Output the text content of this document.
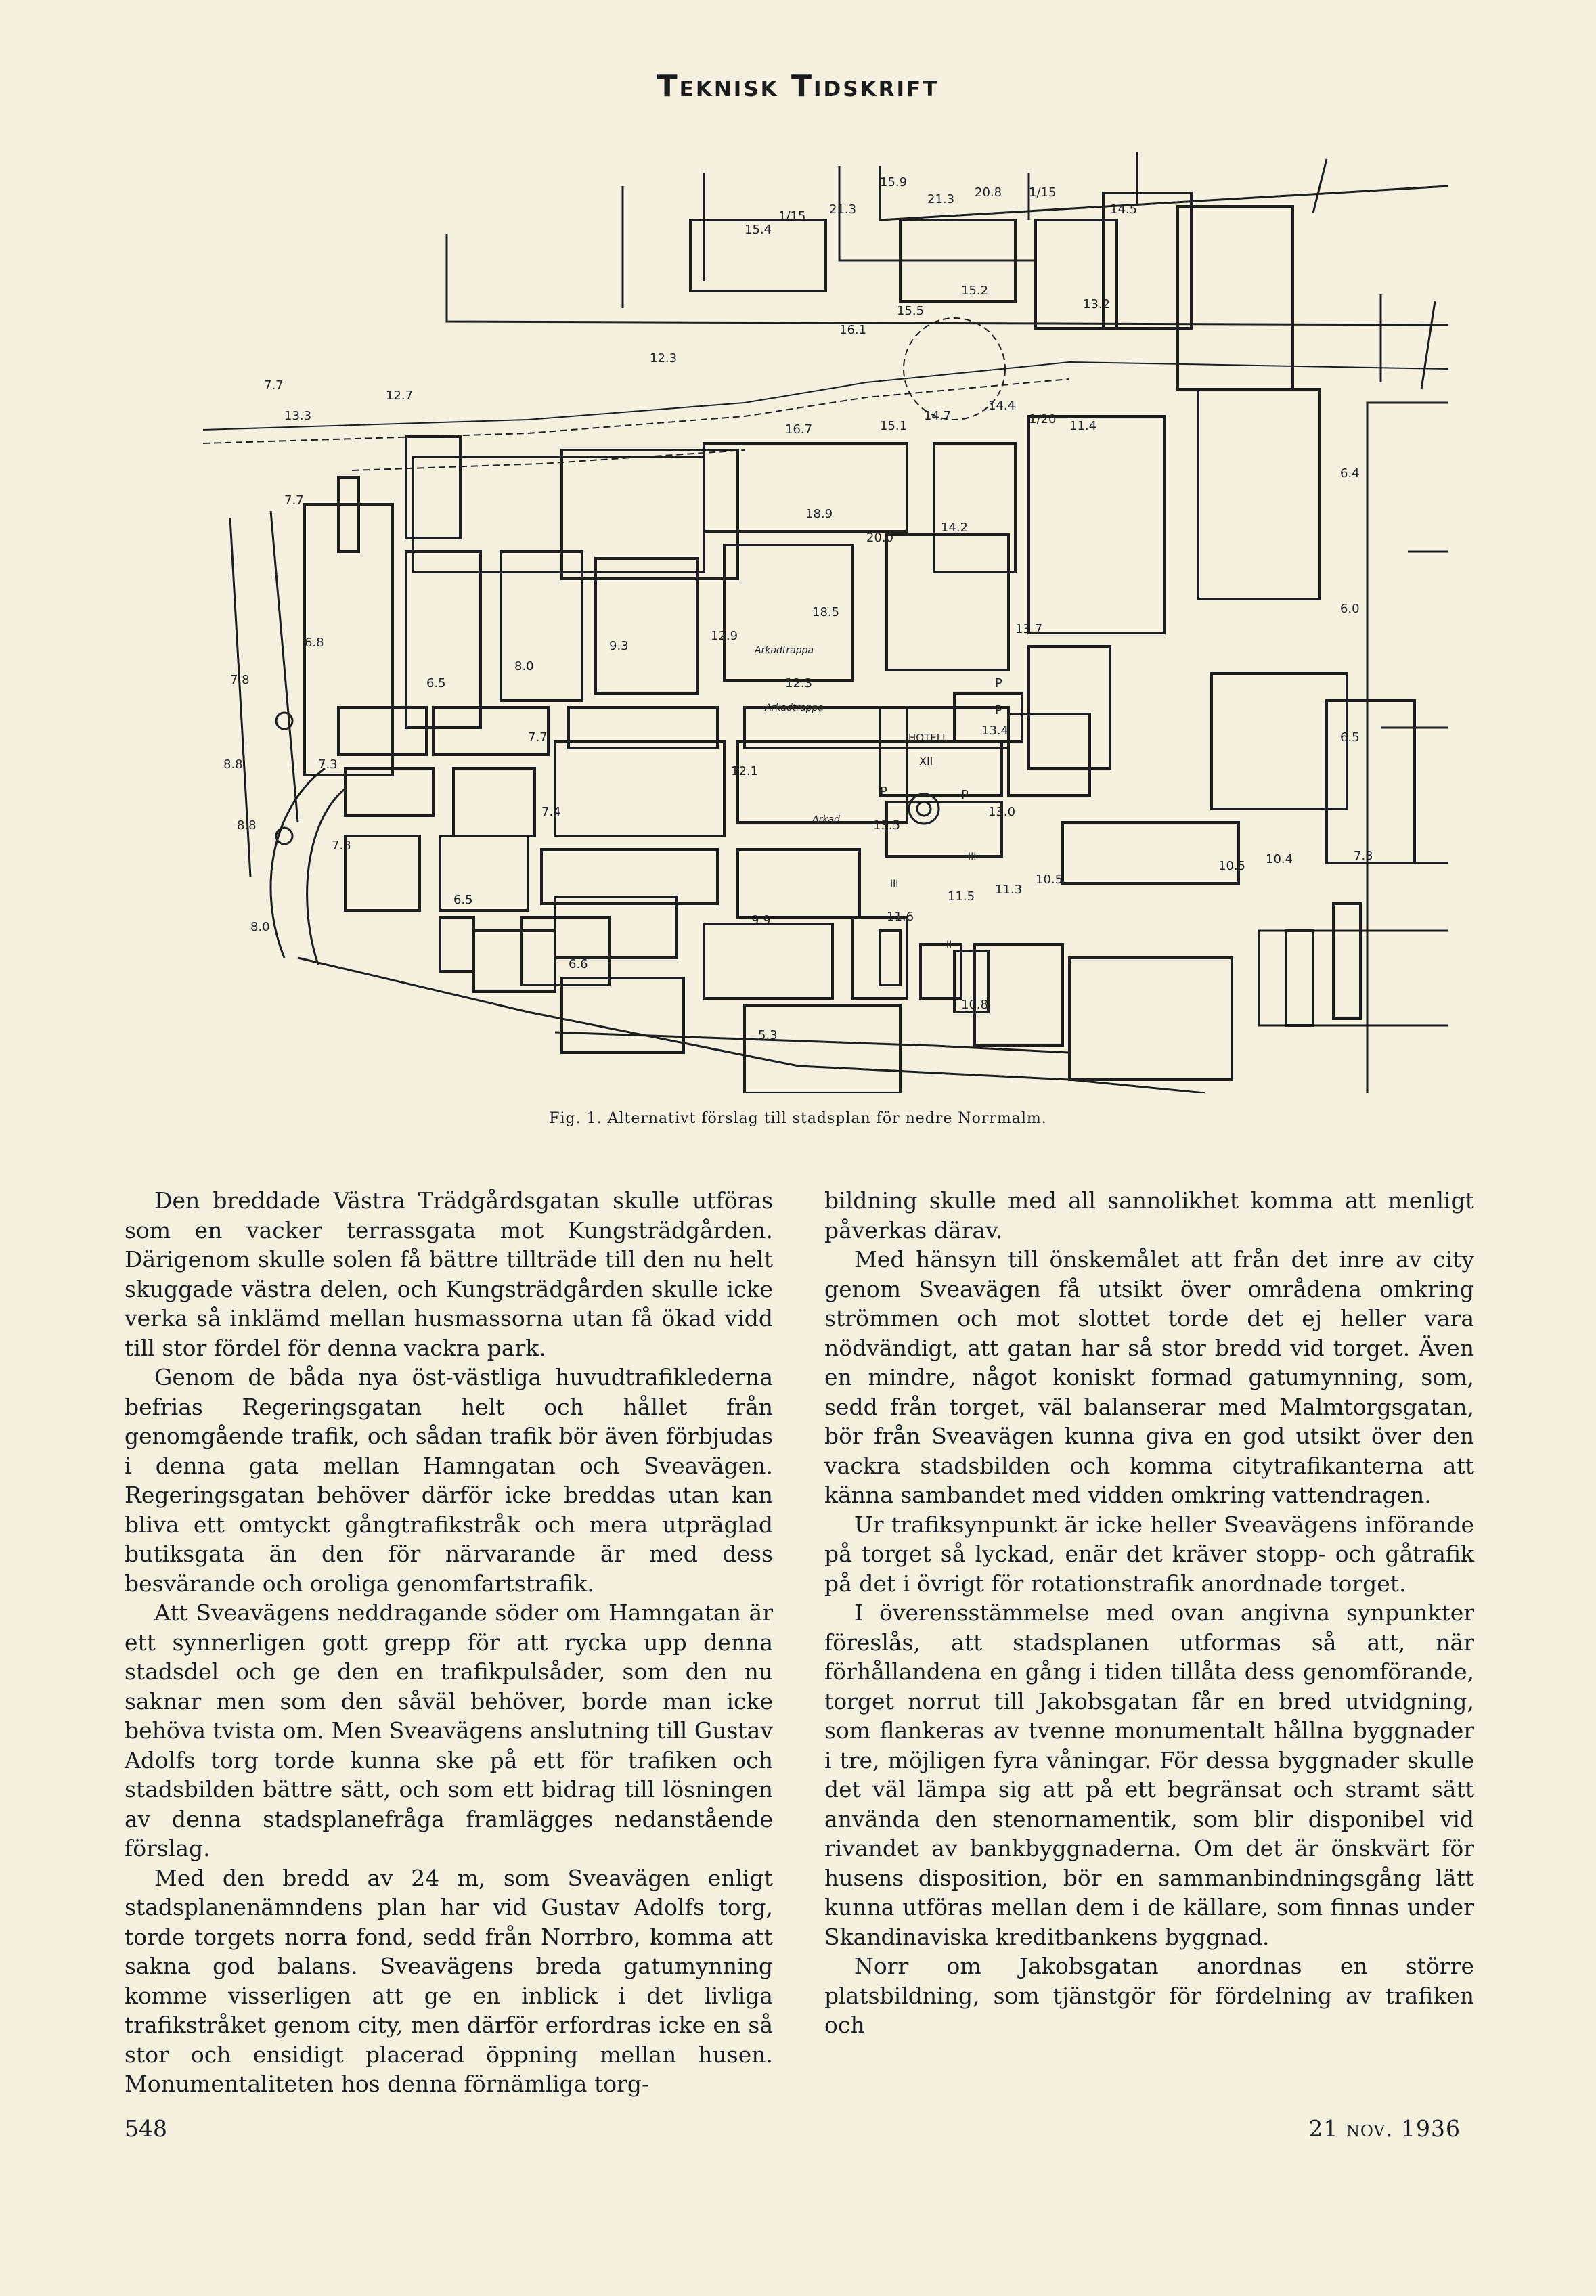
Teknisk Tidskrift
HOTELL
XII
Arkadtrappa
Arkadtrappa
Arkad
P	P
P
P
III
III
II
15.9
21.3 20.8 1/15
14.5
15.4
1/15 21.3
15.2
15.5	13.2
16.1
7.7
12.7
13.3
12.3
16.7	15.1
14.7
14.4
1/20 11.4
6.4
7.7
20.0
14.2
18.9
13.7
6.0
18.5
12.9
9.3
6.8
6.5
8.0
7.8	12.3
13.4	6.5
8.8	7.3
7.7
12.1
7.4
13.5
13.0
8.8
7.8
10.4
10.5
7.3
6.5	11.5 11.3
10.5
11.6
9.9
8.0
6.6
10.8
5.3
Fig. 1. Alternativt förslag till stadsplan för nedre Norrmalm.

Den breddade Västra Trädgårdsgatan skulle utföras som en vacker terrassgata mot Kungsträdgården. Därigenom skulle solen få bättre tillträde till den nu helt skuggade västra delen, och Kungsträdgården skulle icke verka så inklämd mellan husmassorna utan få ökad vidd till stor fördel för denna vackra park.

Genom de båda nya öst-västliga huvudtrafiklederna befrias Regeringsgatan helt och hållet från genomgående trafik, och sådan trafik bör även förbjudas i denna gata mellan Hamngatan och Sveavägen. Regeringsgatan behöver därför icke breddas utan kan bliva ett omtyckt gångtrafikstråk och mera utpräglad butiksgata än den för närvarande är med dess besvärande och oroliga genomfartstrafik.

Att Sveavägens neddragande söder om Hamngatan är ett synnerligen gott grepp för att rycka upp denna stadsdel och ge den en trafikpulsåder, som den nu saknar men som den såväl behöver, borde man icke behöva tvista om. Men Sveavägens anslutning till Gustav Adolfs torg torde kunna ske på ett för trafiken och stadsbilden bättre sätt, och som ett bidrag till lösningen av denna stadsplanefråga framlägges nedanstående förslag.

Med den bredd av 24 m, som Sveavägen enligt stadsplanenämndens plan har vid Gustav Adolfs torg, torde torgets norra fond, sedd från Norrbro, komma att sakna god balans. Sveavägens breda gatumynning komme visserligen att ge en inblick i det livliga trafikstråket genom city, men därför erfordras icke en så stor och ensidigt placerad öppning mellan husen. Monumentaliteten hos denna förnämliga torg-

bildning skulle med all sannolikhet komma att menligt påverkas därav.

Med hänsyn till önskemålet att från det inre av city genom Sveavägen få utsikt över områdena omkring strömmen och mot slottet torde det ej heller vara nödvändigt, att gatan har så stor bredd vid torget. Även en mindre, något koniskt formad gatumynning, som, sedd från torget, väl balanserar med Malmtorgsgatan, bör från Sveavägen kunna giva en god utsikt över den vackra stadsbilden och komma citytrafikanterna att känna sambandet med vidden omkring vattendragen.

Ur trafiksynpunkt är icke heller Sveavägens införande på torget så lyckad, enär det kräver stopp- och gåtrafik på det i övrigt för rotationstrafik anordnade torget.

I överensstämmelse med ovan angivna synpunkter föreslås, att stadsplanen utformas så att, när förhållandena en gång i tiden tillåta dess genomförande, torget norrut till Jakobsgatan får en bred utvidgning, som flankeras av tvenne monumentalt hållna byggnader i tre, möjligen fyra våningar. För dessa byggnader skulle det väl lämpa sig att på ett begränsat och stramt sätt använda den stenornamentik, som blir disponibel vid rivandet av bankbyggnaderna. Om det är önskvärt för husens disposition, bör en sammanbindningsgång lätt kunna utföras mellan dem i de källare, som finnas under Skandinaviska kreditbankens byggnad.

Norr om Jakobsgatan anordnas en större platsbildning, som tjänstgör för fördelning av trafiken och

548	21 nov. 1936
